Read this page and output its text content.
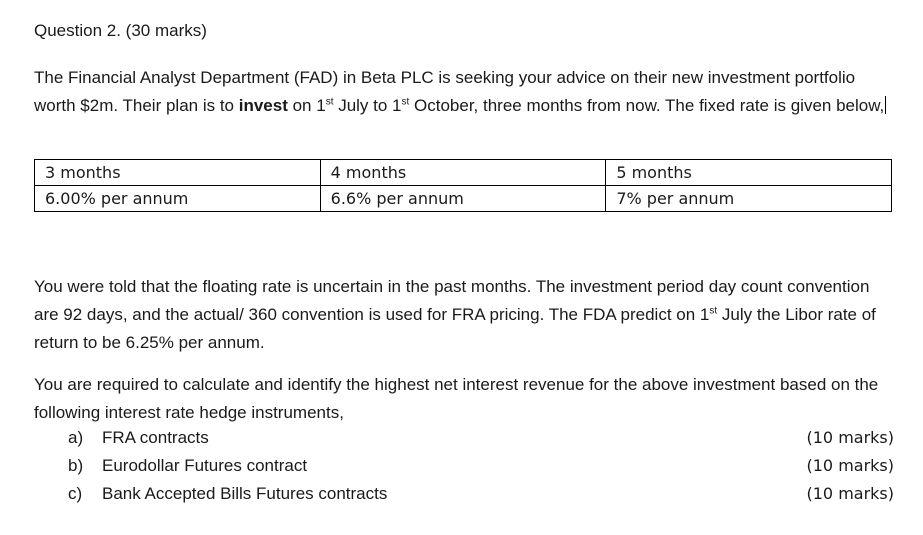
Question 2. (30 marks)

The Financial Analyst Department (FAD) in Beta PLC is seeking your advice on their new investment portfolio worth $2m. Their plan is to invest on 1st July to 1st October, three months from now. The fixed rate is given below,

3 months	4 months	5 months
6.00% per annum	6.6% per annum	7% per annum

You were told that the floating rate is uncertain in the past months. The investment period day count convention are 92 days, and the actual/ 360 convention is used for FRA pricing. The FDA predict on 1st July the Libor rate of return to be 6.25% per annum.

You are required to calculate and identify the highest net interest revenue for the above investment based on the following interest rate hedge instruments,

a) FRA contracts	(10 marks)
b) Eurodollar Futures contract	(10 marks)
c) Bank Accepted Bills Futures contracts	(10 marks)
